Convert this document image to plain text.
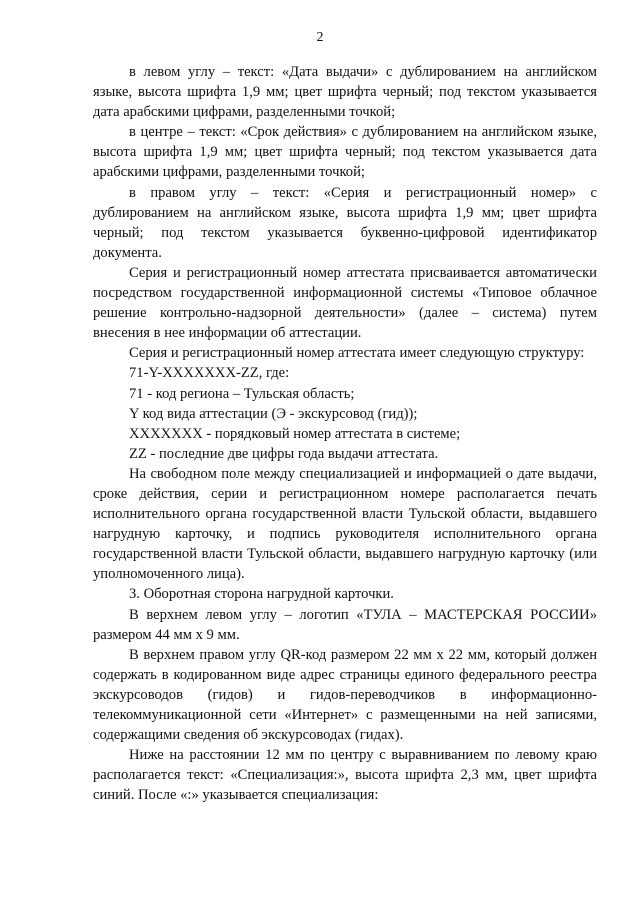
2

в левом углу – текст: «Дата выдачи» с дублированием на английском языке, высота шрифта 1,9 мм; цвет шрифта черный; под текстом указывается дата арабскими цифрами, разделенными точкой;

в центре – текст: «Срок действия» с дублированием на английском языке, высота шрифта 1,9 мм; цвет шрифта черный; под текстом указывается дата арабскими цифрами, разделенными точкой;

в правом углу – текст: «Серия и регистрационный номер» с дублированием на английском языке, высота шрифта 1,9 мм; цвет шрифта черный; под текстом указывается буквенно-цифровой идентификатор документа.

Серия и регистрационный номер аттестата присваивается автоматически посредством государственной информационной системы «Типовое облачное решение контрольно-надзорной деятельности» (далее – система) путем внесения в нее информации об аттестации.

Серия и регистрационный номер аттестата имеет следующую структуру:

71-Y-XXXXXXX-ZZ, где:

71 - код региона – Тульская область;

Y код вида аттестации (Э - экскурсовод (гид));

XXXXXXX - порядковый номер аттестата в системе;

ZZ - последние две цифры года выдачи аттестата.

На свободном поле между специализацией и информацией о дате выдачи, сроке действия, серии и регистрационном номере располагается печать исполнительного органа государственной власти Тульской области, выдавшего нагрудную карточку, и подпись руководителя исполнительного органа государственной власти Тульской области, выдавшего нагрудную карточку (или уполномоченного лица).

3. Оборотная сторона нагрудной карточки.

В верхнем левом углу – логотип «ТУЛА – МАСТЕРСКАЯ РОССИИ» размером 44 мм х 9 мм.

В верхнем правом углу QR-код размером 22 мм х 22 мм, который должен содержать в кодированном виде адрес страницы единого федерального реестра экскурсоводов (гидов) и гидов-переводчиков в информационно-телекоммуникационной сети «Интернет» с размещенными на ней записями, содержащими сведения об экскурсоводах (гидах).

Ниже на расстоянии 12 мм по центру с выравниванием по левому краю располагается текст: «Специализация:», высота шрифта 2,3 мм, цвет шрифта синий. После «:» указывается специализация:
